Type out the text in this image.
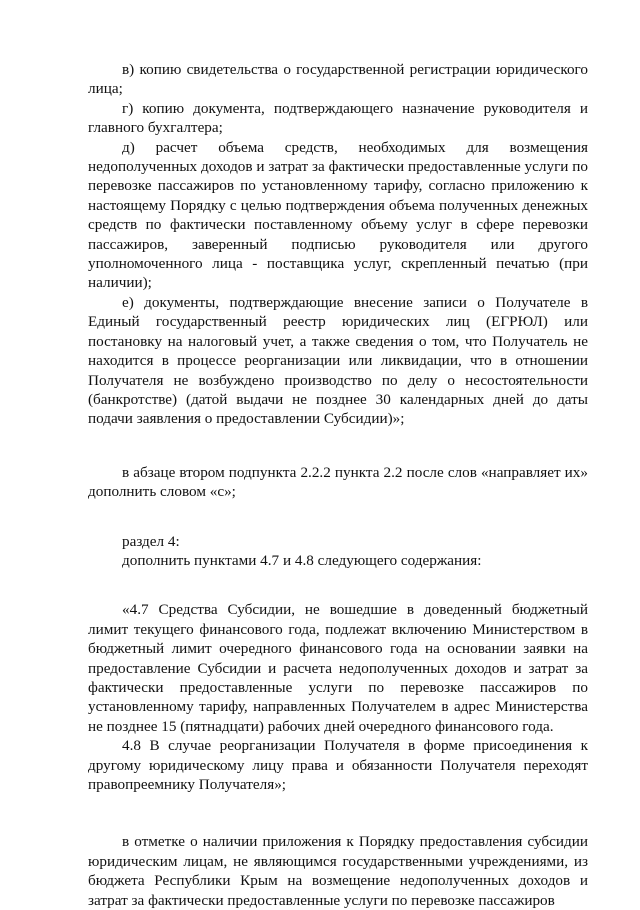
в) копию свидетельства о государственной регистрации юридического лица;

г) копию документа, подтверждающего назначение руководителя и главного бухгалтера;

д) расчет объема средств, необходимых для возмещения недополученных доходов и затрат за фактически предоставленные услуги по перевозке пассажиров по установленному тарифу, согласно приложению к настоящему Порядку с целью подтверждения объема полученных денежных средств по фактически поставленному объему услуг в сфере перевозки пассажиров, заверенный подписью руководителя или другого уполномоченного лица - поставщика услуг, скрепленный печатью (при наличии);

е) документы, подтверждающие внесение записи о Получателе в Единый государственный реестр юридических лиц (ЕГРЮЛ) или постановку на налоговый учет, а также сведения о том, что Получатель не находится в процессе реорганизации или ликвидации, что в отношении Получателя не возбуждено производство по делу о несостоятельности (банкротстве) (датой выдачи не позднее 30 календарных дней до даты подачи заявления о предоставлении Субсидии)»;

в абзаце втором подпункта 2.2.2 пункта 2.2 после слов «направляет их» дополнить словом «с»;

раздел 4:

дополнить пунктами 4.7 и 4.8 следующего содержания:

«4.7 Средства Субсидии, не вошедшие в доведенный бюджетный лимит текущего финансового года, подлежат включению Министерством в бюджетный лимит очередного финансового года на основании заявки на предоставление Субсидии и расчета недополученных доходов и затрат за фактически предоставленные услуги по перевозке пассажиров по установленному тарифу, направленных Получателем в адрес Министерства не позднее 15 (пятнадцати) рабочих дней очередного финансового года.

4.8 В случае реорганизации Получателя в форме присоединения к другому юридическому лицу права и обязанности Получателя переходят правопреемнику Получателя»;

в отметке о наличии приложения к Порядку предоставления субсидии юридическим лицам, не являющимся государственными учреждениями, из бюджета Республики Крым на возмещение недополученных доходов и затрат за фактически предоставленные услуги по перевозке пассажиров
